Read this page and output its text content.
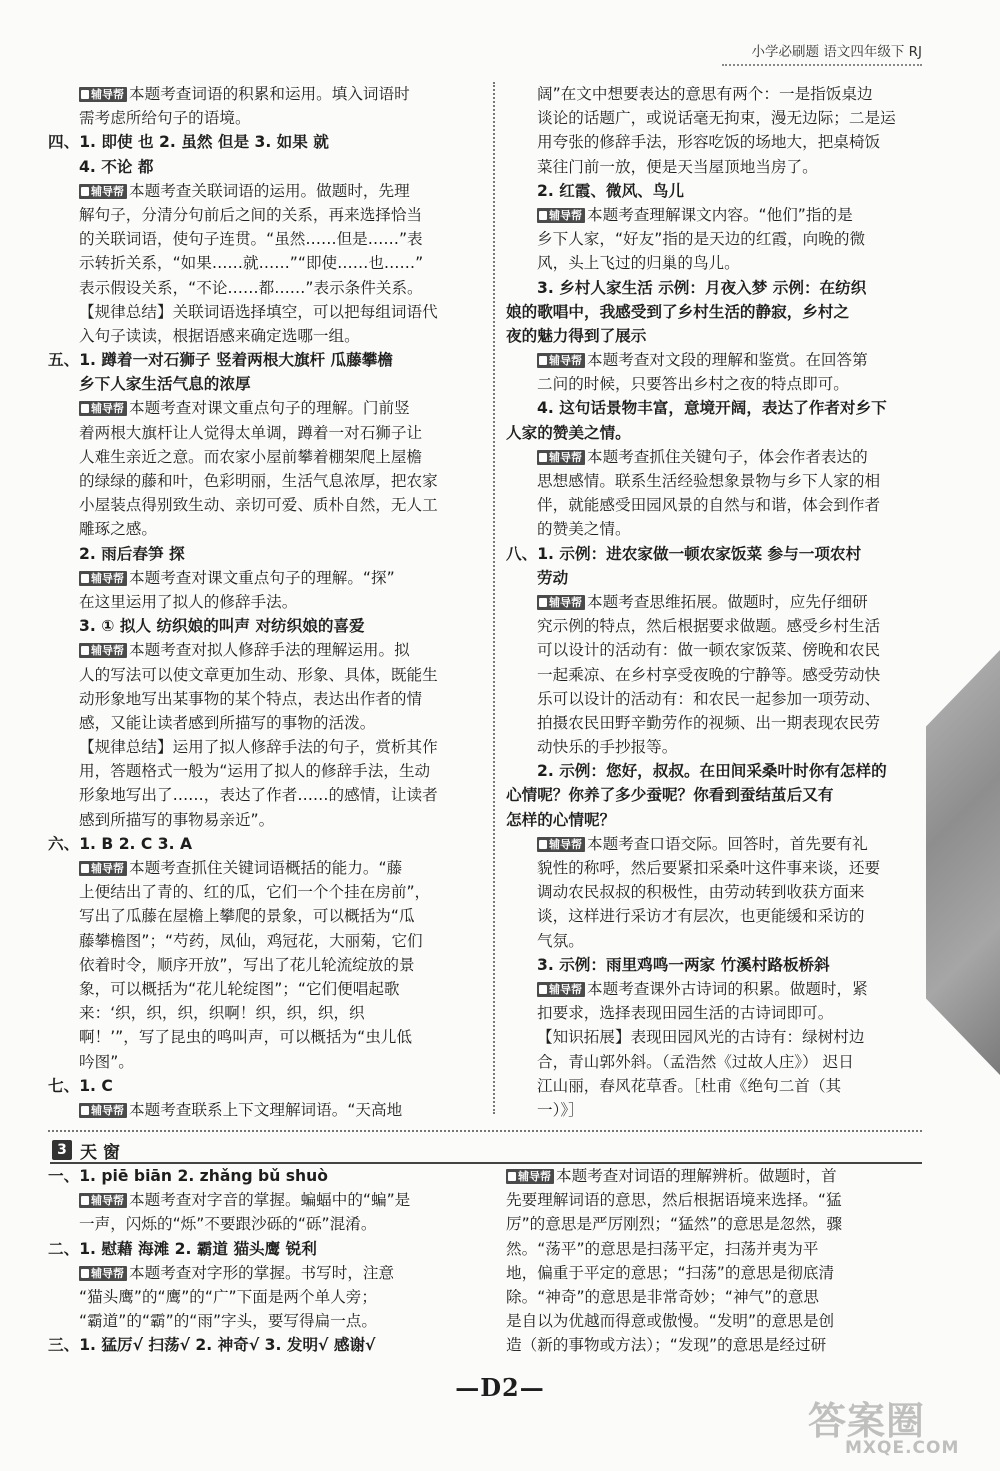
小学必刷题 语文四年级下 RJ
辅导帮 本题考查词语的积累和运用。填入词语时
需考虑所给句子的语境。
四、1. 即使 也 2. 虽然 但是 3. 如果 就
4. 不论 都
辅导帮 本题考查关联词语的运用。做题时，先理
解句子，分清分句前后之间的关系，再来选择恰当
的关联词语，使句子连贯。“虽然……但是……”表
示转折关系，“如果……就……”“即使……也……”
表示假设关系，“不论……都……”表示条件关系。
【规律总结】关联词语选择填空，可以把每组词语代
入句子读读，根据语感来确定选哪一组。
五、1. 蹲着一对石狮子 竖着两根大旗杆 瓜藤攀檐
乡下人家生活气息的浓厚
辅导帮 本题考查对课文重点句子的理解。门前竖
着两根大旗杆让人觉得太单调，蹲着一对石狮子让
人难生亲近之意。而农家小屋前攀着棚架爬上屋檐
的绿绿的藤和叶，色彩明丽，生活气息浓厚，把农家
小屋装点得别致生动、亲切可爱、质朴自然，无人工
雕琢之感。
2. 雨后春笋 探
辅导帮 本题考查对课文重点句子的理解。“探”
在这里运用了拟人的修辞手法。
3. ① 拟人 纺织娘的叫声 对纺织娘的喜爱
辅导帮 本题考查对拟人修辞手法的理解运用。拟
人的写法可以使文章更加生动、形象、具体，既能生
动形象地写出某事物的某个特点，表达出作者的情
感，又能让读者感到所描写的事物的活泼。
【规律总结】运用了拟人修辞手法的句子，赏析其作
用，答题格式一般为“运用了拟人的修辞手法，生动
形象地写出了……，表达了作者……的感情，让读者
感到所描写的事物易亲近”。
六、1. B 2. C 3. A
辅导帮 本题考查抓住关键词语概括的能力。“藤
上便结出了青的、红的瓜，它们一个个挂在房前”，
写出了瓜藤在屋檐上攀爬的景象，可以概括为“瓜
藤攀檐图”；“芍药，凤仙，鸡冠花，大丽菊，它们
依着时令，顺序开放”，写出了花儿轮流绽放的景
象，可以概括为“花儿轮绽图”；“它们便唱起歌
来：‘织，织，织，织啊！织，织，织，织
啊！’”，写了昆虫的鸣叫声，可以概括为“虫儿低
吟图”。
七、1. C
辅导帮 本题考查联系上下文理解词语。“天高地
阔”在文中想要表达的意思有两个：一是指饭桌边
谈论的话题广，或说话毫无拘束，漫无边际；二是运
用夸张的修辞手法，形容吃饭的场地大，把桌椅饭
菜往门前一放，便是天当屋顶地当房了。
2. 红霞、微风、鸟儿
辅导帮 本题考查理解课文内容。“他们”指的是
乡下人家，“好友”指的是天边的红霞，向晚的微
风，头上飞过的归巢的鸟儿。
3. 乡村人家生活 示例：月夜入梦 示例：在纺织
娘的歌唱中，我感受到了乡村生活的静寂，乡村之
夜的魅力得到了展示
辅导帮 本题考查对文段的理解和鉴赏。在回答第
二问的时候，只要答出乡村之夜的特点即可。
4. 这句话景物丰富，意境开阔，表达了作者对乡下
人家的赞美之情。
辅导帮 本题考查抓住关键句子，体会作者表达的
思想感情。联系生活经验想象景物与乡下人家的相
伴，就能感受田园风景的自然与和谐，体会到作者
的赞美之情。
八、1. 示例：进农家做一顿农家饭菜 参与一项农村
劳动
辅导帮 本题考查思维拓展。做题时，应先仔细研
究示例的特点，然后根据要求做题。感受乡村生活
可以设计的活动有：做一顿农家饭菜、傍晚和农民
一起乘凉、在乡村享受夜晚的宁静等。感受劳动快
乐可以设计的活动有：和农民一起参加一项劳动、
拍摄农民田野辛勤劳作的视频、出一期表现农民劳
动快乐的手抄报等。
2. 示例：您好，叔叔。在田间采桑叶时你有怎样的
心情呢？你养了多少蚕呢？你看到蚕结茧后又有
怎样的心情呢？
辅导帮 本题考查口语交际。回答时，首先要有礼
貌性的称呼，然后要紧扣采桑叶这件事来谈，还要
调动农民叔叔的积极性，由劳动转到收获方面来
谈，这样进行采访才有层次，也更能缓和采访的
气氛。
3. 示例：雨里鸡鸣一两家 竹溪村路板桥斜
辅导帮 本题考查课外古诗词的积累。做题时，紧
扣要求，选择表现田园生活的古诗词即可。
【知识拓展】表现田园风光的古诗有：绿树村边
合，青山郭外斜。（孟浩然《过故人庄》） 迟日
江山丽，春风花草香。［杜甫《绝句二首（其
一）》］
3 天窗
一、1. piē biān 2. zhǎng bǔ shuò
辅导帮 本题考查对字音的掌握。蝙蝠中的“蝙”是
一声，闪烁的“烁”不要跟沙砾的“砾”混淆。
二、1. 慰藉 海滩 2. 霸道 猫头鹰 锐利
辅导帮 本题考查对字形的掌握。书写时，注意
“猫头鹰”的“鹰”的“广”下面是两个单人旁；
“霸道”的“霸”的“雨”字头，要写得扁一点。
三、1. 猛厉√ 扫荡√ 2. 神奇√ 3. 发明√ 感谢√
辅导帮 本题考查对词语的理解辨析。做题时，首
先要理解词语的意思，然后根据语境来选择。“猛
厉”的意思是严厉刚烈；“猛然”的意思是忽然，骤
然。“荡平”的意思是扫荡平定，扫荡并夷为平
地，偏重于平定的意思；“扫荡”的意思是彻底清
除。“神奇”的意思是非常奇妙；“神气”的意思
是自以为优越而得意或傲慢。“发明”的意思是创
造（新的事物或方法）；“发现”的意思是经过研
—D2—
答案圈
MXQE.COM
